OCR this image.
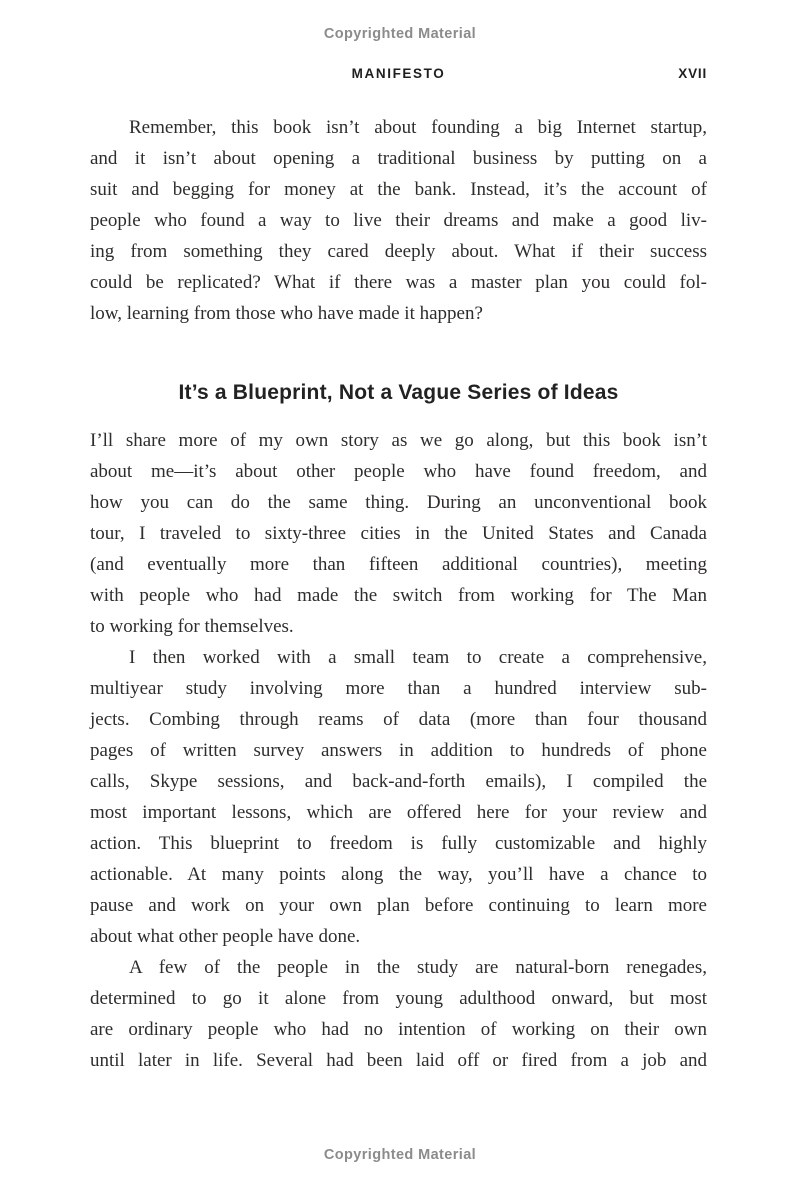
Copyrighted Material
MANIFESTO	XVII
Remember, this book isn’t about founding a big Internet startup,
and it isn’t about opening a traditional business by putting on a
suit and begging for money at the bank. Instead, it’s the account of
people who found a way to live their dreams and make a good liv-
ing from something they cared deeply about. What if their success
could be replicated? What if there was a master plan you could fol-
low, learning from those who have made it happen?
It’s a Blueprint, Not a Vague Series of Ideas
I’ll share more of my own story as we go along, but this book isn’t
about me—it’s about other people who have found freedom, and
how you can do the same thing. During an unconventional book
tour, I traveled to sixty-three cities in the United States and Canada
(and eventually more than fifteen additional countries), meeting
with people who had made the switch from working for The Man
to working for themselves.
I then worked with a small team to create a comprehensive,
multiyear study involving more than a hundred interview sub-
jects. Combing through reams of data (more than four thousand
pages of written survey answers in addition to hundreds of phone
calls, Skype sessions, and back-and-forth emails), I compiled the
most important lessons, which are offered here for your review and
action. This blueprint to freedom is fully customizable and highly
actionable. At many points along the way, you’ll have a chance to
pause and work on your own plan before continuing to learn more
about what other people have done.
A few of the people in the study are natural-born renegades,
determined to go it alone from young adulthood onward, but most
are ordinary people who had no intention of working on their own
until later in life. Several had been laid off or fired from a job and
Copyrighted Material
